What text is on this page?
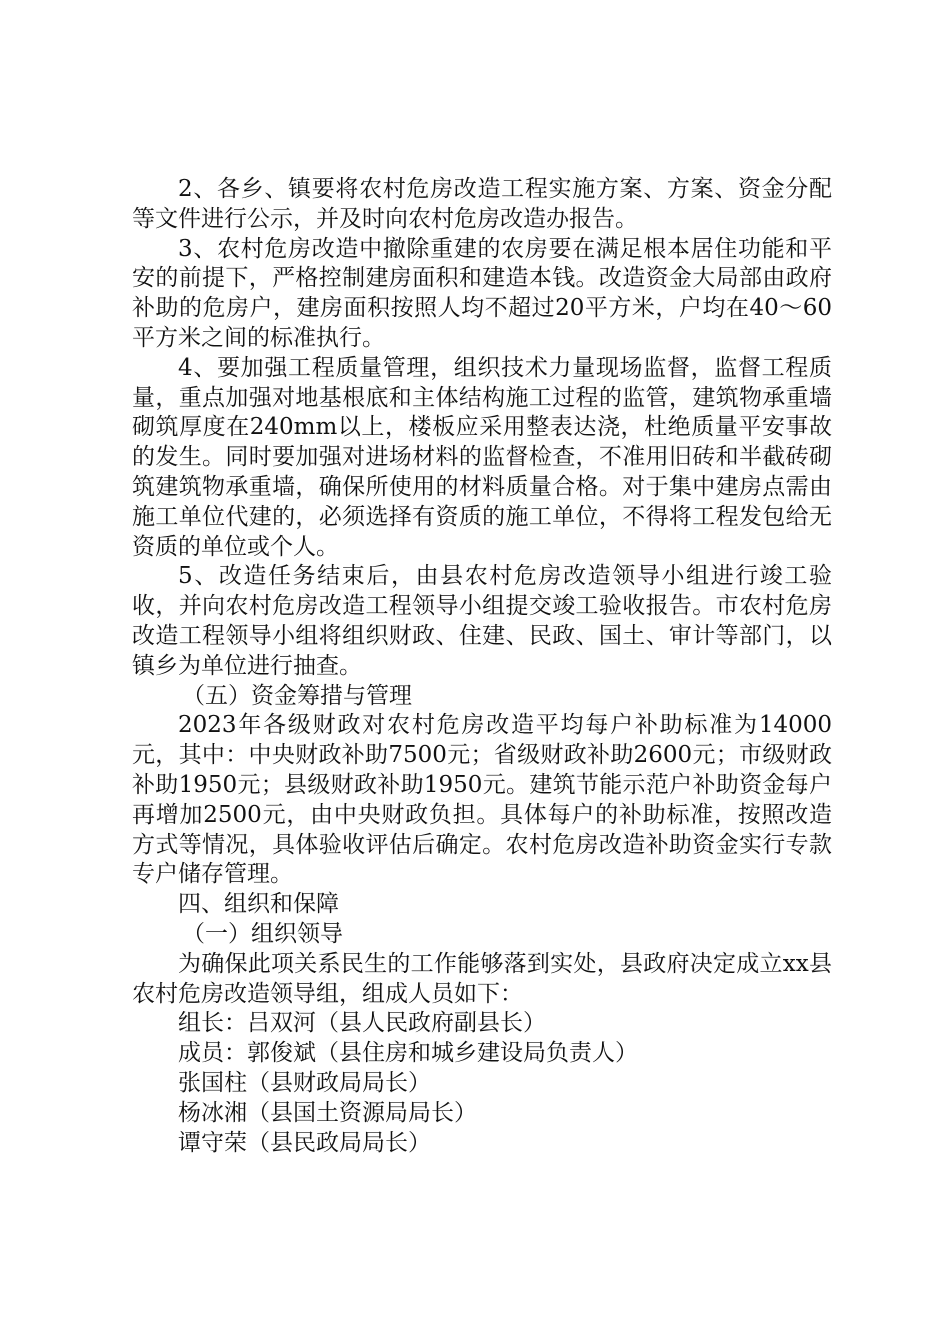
2、各乡、镇要将农村危房改造工程实施方案、方案、资金分配等文件进行公示，并及时向农村危房改造办报告。

3、农村危房改造中撤除重建的农房要在满足根本居住功能和平安的前提下，严格控制建房面积和建造本钱。改造资金大局部由政府补助的危房户，建房面积按照人均不超过20平方米，户均在40～60平方米之间的标准执行。

4、要加强工程质量管理，组织技术力量现场监督，监督工程质量，重点加强对地基根底和主体结构施工过程的监管，建筑物承重墙砌筑厚度在240mm以上，楼板应采用整表达浇，杜绝质量平安事故的发生。同时要加强对进场材料的监督检查，不准用旧砖和半截砖砌筑建筑物承重墙，确保所使用的材料质量合格。对于集中建房点需由施工单位代建的，必须选择有资质的施工单位，不得将工程发包给无资质的单位或个人。

5、改造任务结束后，由县农村危房改造领导小组进行竣工验收，并向农村危房改造工程领导小组提交竣工验收报告。市农村危房改造工程领导小组将组织财政、住建、民政、国土、审计等部门，以镇乡为单位进行抽查。

（五）资金筹措与管理

2023年各级财政对农村危房改造平均每户补助标准为14000元，其中：中央财政补助7500元；省级财政补助2600元；市级财政补助1950元；县级财政补助1950元。建筑节能示范户补助资金每户再增加2500元，由中央财政负担。具体每户的补助标准，按照改造方式等情况，具体验收评估后确定。农村危房改造补助资金实行专款专户储存管理。

四、组织和保障

（一）组织领导

为确保此项关系民生的工作能够落到实处，县政府决定成立xx县农村危房改造领导组，组成人员如下：

组长：吕双河（县人民政府副县长）

成员：郭俊斌（县住房和城乡建设局负责人）

张国柱（县财政局局长）

杨冰湘（县国土资源局局长）

谭守荣（县民政局局长）
